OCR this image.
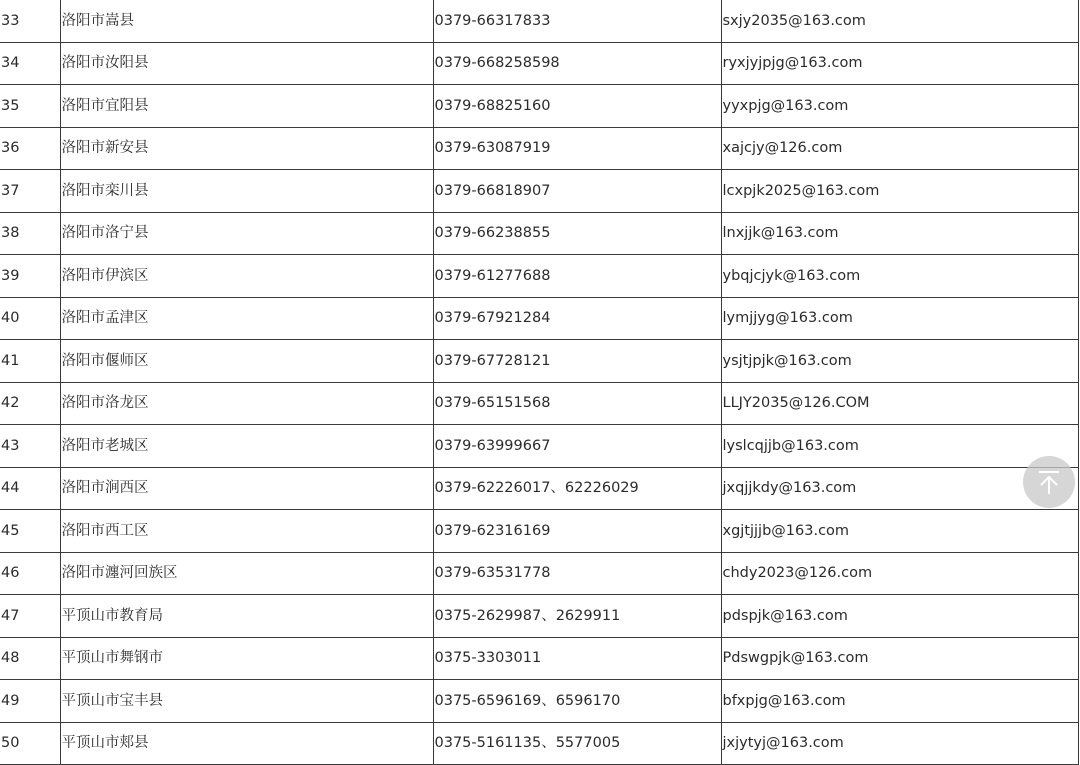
33	洛阳市嵩县	0379-66317833	sxjy2035@163.com
34	洛阳市汝阳县	0379-668258598	ryxjyjpjg@163.com
35	洛阳市宜阳县	0379-68825160	yyxpjg@163.com
36	洛阳市新安县	0379-63087919	xajcjy@126.com
37	洛阳市栾川县	0379-66818907	lcxpjk2025@163.com
38	洛阳市洛宁县	0379-66238855	lnxjjk@163.com
39	洛阳市伊滨区	0379-61277688	ybqjcjyk@163.com
40	洛阳市孟津区	0379-67921284	lymjjyg@163.com
41	洛阳市偃师区	0379-67728121	ysjtjpjk@163.com
42	洛阳市洛龙区	0379-65151568	LLJY2035@126.COM
43	洛阳市老城区	0379-63999667	lyslcqjjb@163.com
44	洛阳市涧西区	0379-62226017、62226029	jxqjjkdy@163.com
45	洛阳市西工区	0379-62316169	xgjtjjjb@163.com
46	洛阳市瀍河回族区	0379-63531778	chdy2023@126.com
47	平顶山市教育局	0375-2629987、2629911	pdspjk@163.com
48	平顶山市舞钢市	0375-3303011	Pdswgpjk@163.com
49	平顶山市宝丰县	0375-6596169、6596170	bfxpjg@163.com
50	平顶山市郏县	0375-5161135、5577005	jxjytyj@163.com
